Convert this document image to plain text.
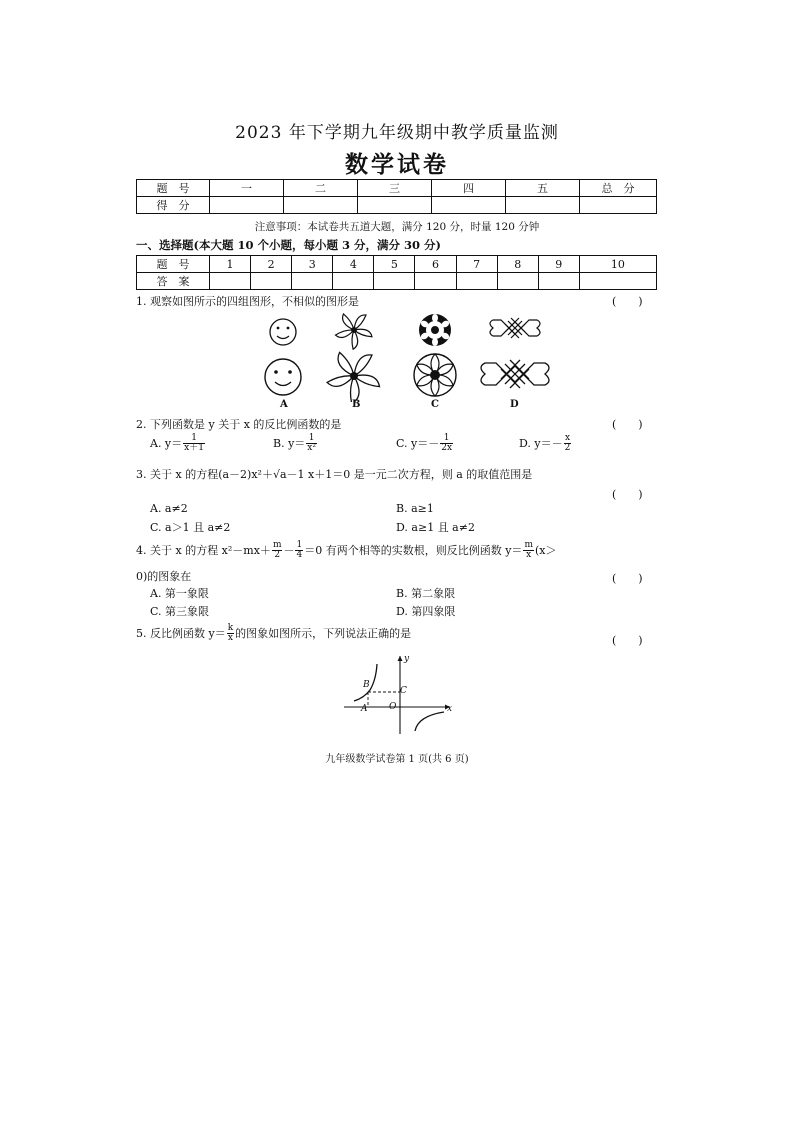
2023 年下学期九年级期中教学质量监测
数学试卷
题　号	一	二	三	四	五	总　分
得　分						
注意事项：本试卷共五道大题，满分 120 分，时量 120 分钟
一、选择题(本大题 10 个小题，每小题 3 分，满分 30 分)
题　号	1	2	3	4	5	6	7	8	9	10
答　案										
1. 观察如图所示的四组图形，不相似的图形是	(　　)
A	B	C	D
2. 下列函数是 y 关于 x 的反比例函数的是	(　　)
A. $y= \frac{1}{x+1}$	B. $y= \frac{1}{\text{x²}}$	C. $y=- \frac{1}{2x}$	D. $y=- \frac{x}{2}$
3. 关于 x 的方程(a－2)x²＋√a－1 x＋1＝0 是一元二次方程，则 a 的取值范围是
(　　)
A. a≠2	B. a≥1
C. a＞1 且 a≠2	D. a≥1 且 a≠2
4. 关于 x 的方程 $x^2-mx+ \frac{m}{2} - \frac{1}{4} =0$ 有两个相等的实数根，则反比例函数 $y= \frac{m}{x} (x>$
0)的图象在	(　　)
A. 第一象限	B. 第二象限
C. 第三象限	D. 第四象限
5. 反比例函数 $y= \frac{k}{x}$ 的图象如图所示，下列说法正确的是
(　　)
y
x
O
A
B
C
九年级数学试卷第 1 页(共 6 页)
